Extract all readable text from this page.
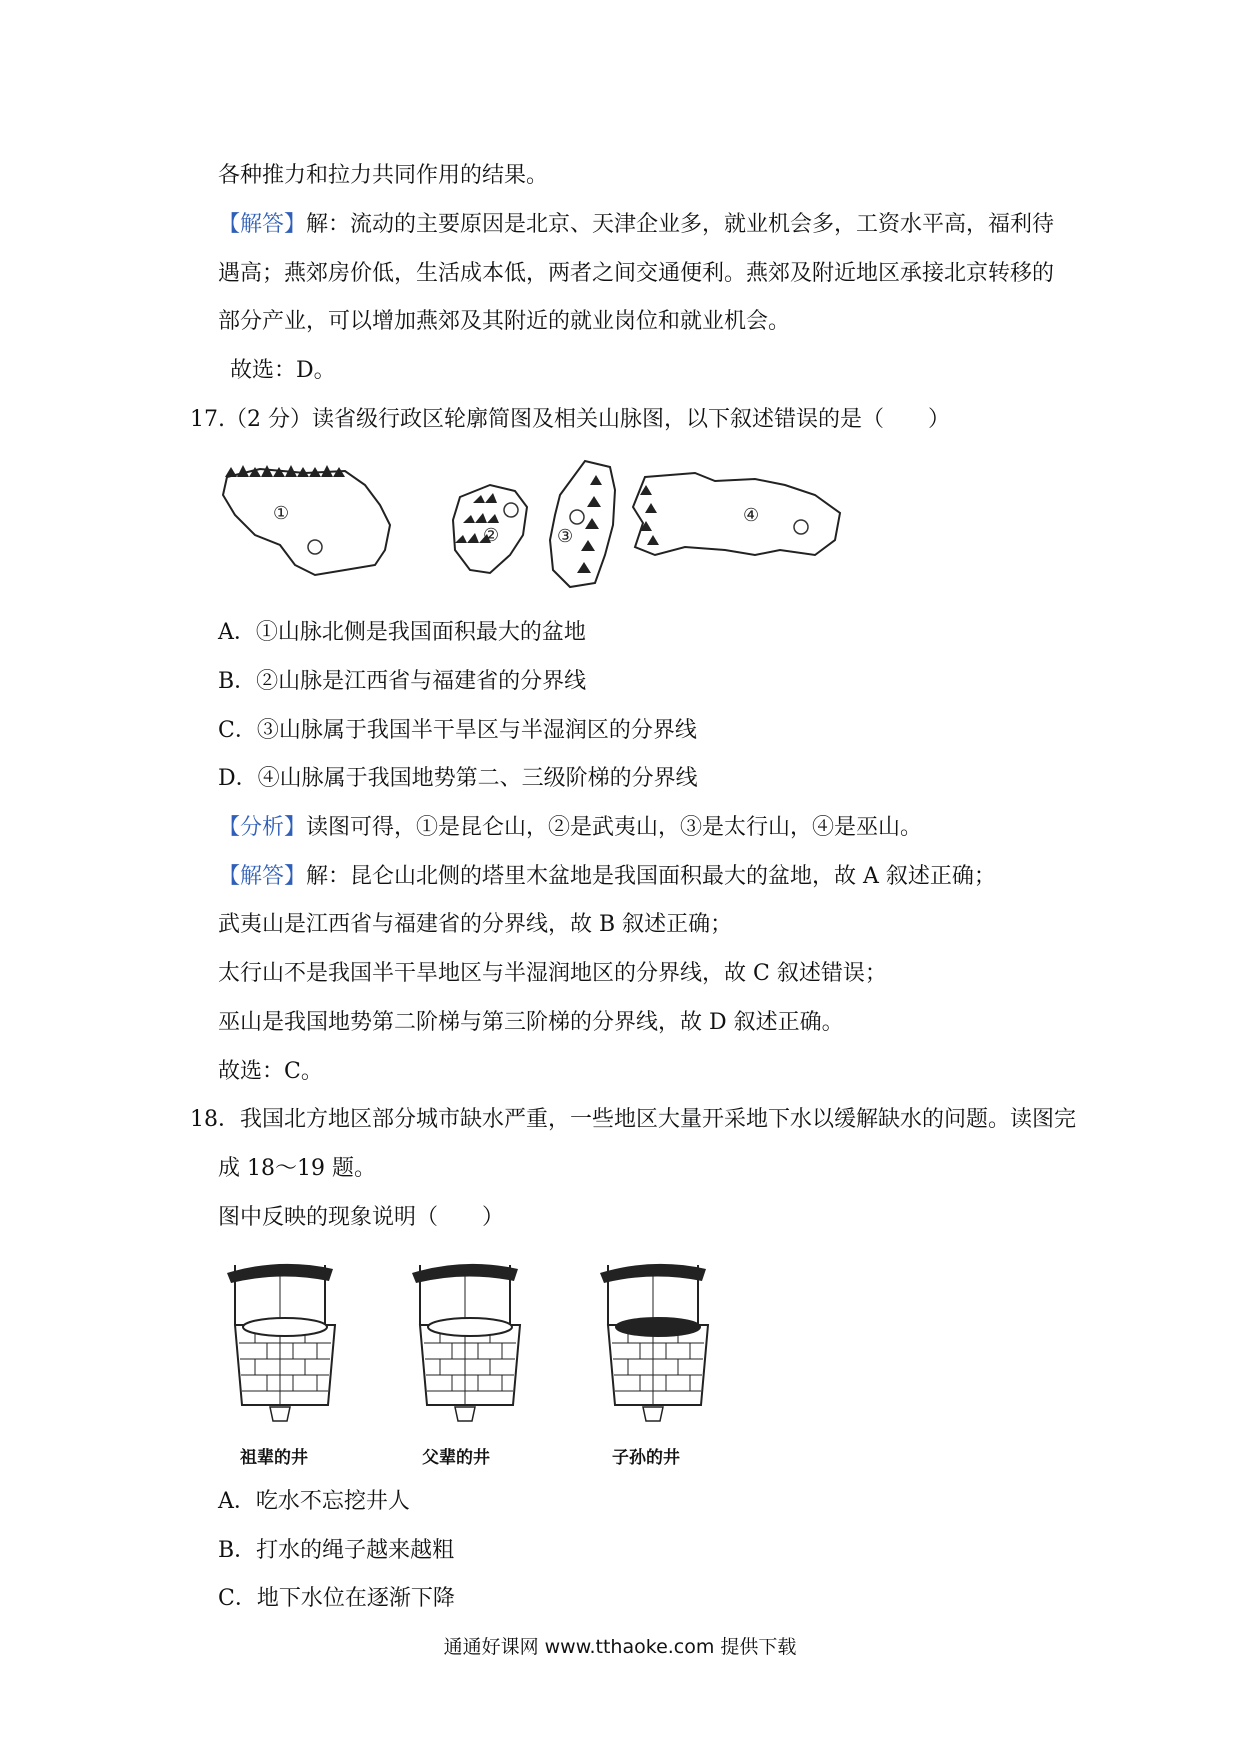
各种推力和拉力共同作用的结果。
【解答】解：流动的主要原因是北京、天津企业多，就业机会多，工资水平高，福利待
遇高；燕郊房价低，生活成本低，两者之间交通便利。燕郊及附近地区承接北京转移的
部分产业，可以增加燕郊及其附近的就业岗位和就业机会。
故选：D。
17.（2 分）读省级行政区轮廓简图及相关山脉图，以下叙述错误的是（　　）
①
②	③
④
A．①山脉北侧是我国面积最大的盆地
B．②山脉是江西省与福建省的分界线
C．③山脉属于我国半干旱区与半湿润区的分界线
D．④山脉属于我国地势第二、三级阶梯的分界线
【分析】读图可得，①是昆仑山，②是武夷山，③是太行山，④是巫山。
【解答】解：昆仑山北侧的塔里木盆地是我国面积最大的盆地，故 A 叙述正确；
武夷山是江西省与福建省的分界线，故 B 叙述正确；
太行山不是我国半干旱地区与半湿润地区的分界线，故 C 叙述错误；
巫山是我国地势第二阶梯与第三阶梯的分界线，故 D 叙述正确。
故选：C。
18．我国北方地区部分城市缺水严重，一些地区大量开采地下水以缓解缺水的问题。读图完
成 18～19 题。
图中反映的现象说明（　　）
祖辈的井	父辈的井	子孙的井
A．吃水不忘挖井人
B．打水的绳子越来越粗
C．地下水位在逐渐下降
通通好课网 www.tthaoke.com 提供下载
